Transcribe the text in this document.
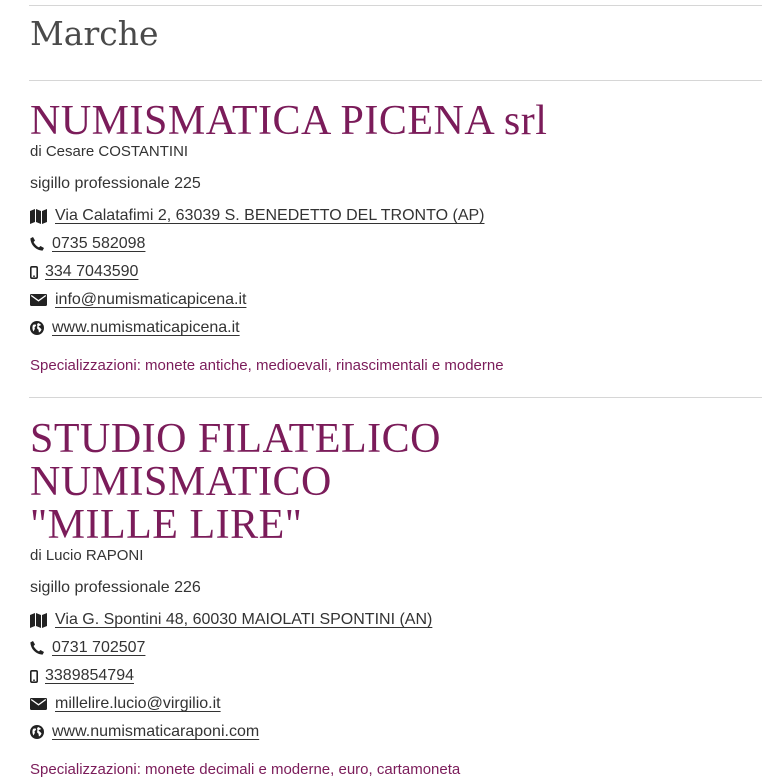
Marche
NUMISMATICA PICENA srl
di Cesare COSTANTINI
sigillo professionale 225
Via Calatafimi 2, 63039 S. BENEDETTO DEL TRONTO (AP)
0735 582098
334 7043590
info@numismaticapicena.it
www.numismaticapicena.it
Specializzazioni: monete antiche, medioevali, rinascimentali e moderne
STUDIO FILATELICO NUMISMATICO
"MILLE LIRE"
di Lucio RAPONI
sigillo professionale 226
Via G. Spontini 48, 60030 MAIOLATI SPONTINI (AN)
0731 702507
3389854794
millelire.lucio@virgilio.it
www.numismaticaraponi.com
Specializzazioni: monete decimali e moderne, euro, cartamoneta
